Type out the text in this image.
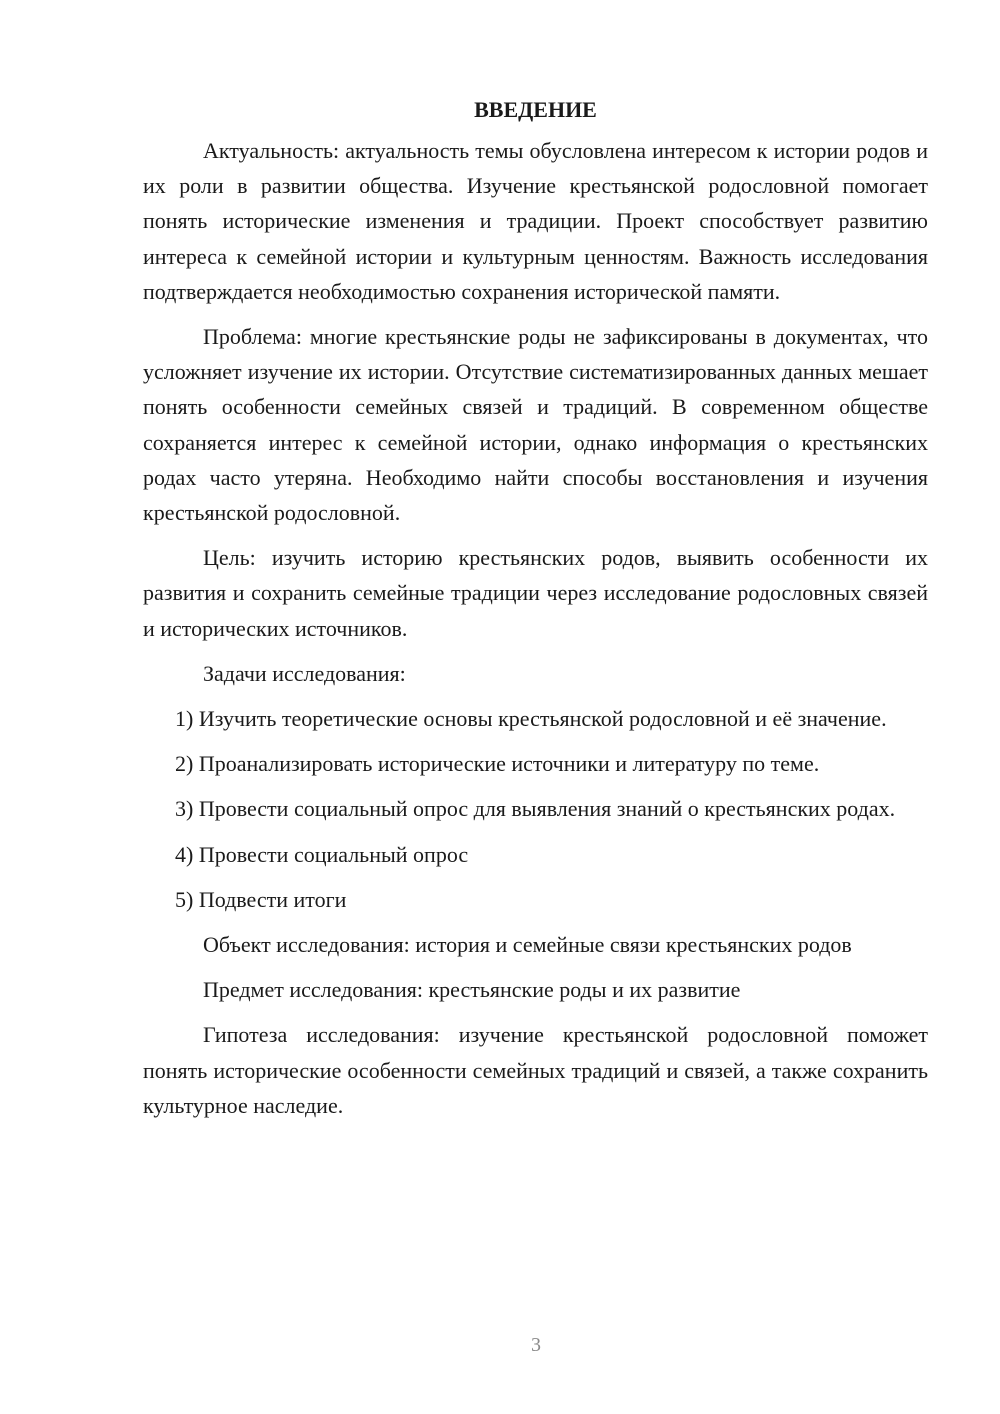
ВВЕДЕНИЕ

Актуальность: актуальность темы обусловлена интересом к истории родов и их роли в развитии общества. Изучение крестьянской родословной помогает понять исторические изменения и традиции. Проект способствует развитию интереса к семейной истории и культурным ценностям. Важность исследования подтверждается необходимостью сохранения исторической памяти.

Проблема: многие крестьянские роды не зафиксированы в документах, что усложняет изучение их истории. Отсутствие систематизированных данных мешает понять особенности семейных связей и традиций. В современном обществе сохраняется интерес к семейной истории, однако информация о крестьянских родах часто утеряна. Необходимо найти способы восстановления и изучения крестьянской родословной.

Цель: изучить историю крестьянских родов, выявить особенности их развития и сохранить семейные традиции через исследование родословных связей и исторических источников.

Задачи исследования:

1) Изучить теоретические основы крестьянской родословной и её значение.

2) Проанализировать исторические источники и литературу по теме.

3) Провести социальный опрос для выявления знаний о крестьянских родах.

4) Провести социальный опрос

5) Подвести итоги

Объект исследования: история и семейные связи крестьянских родов

Предмет исследования: крестьянские роды и их развитие

Гипотеза исследования: изучение крестьянской родословной поможет понять исторические особенности семейных традиций и связей, а также сохранить культурное наследие.

3
